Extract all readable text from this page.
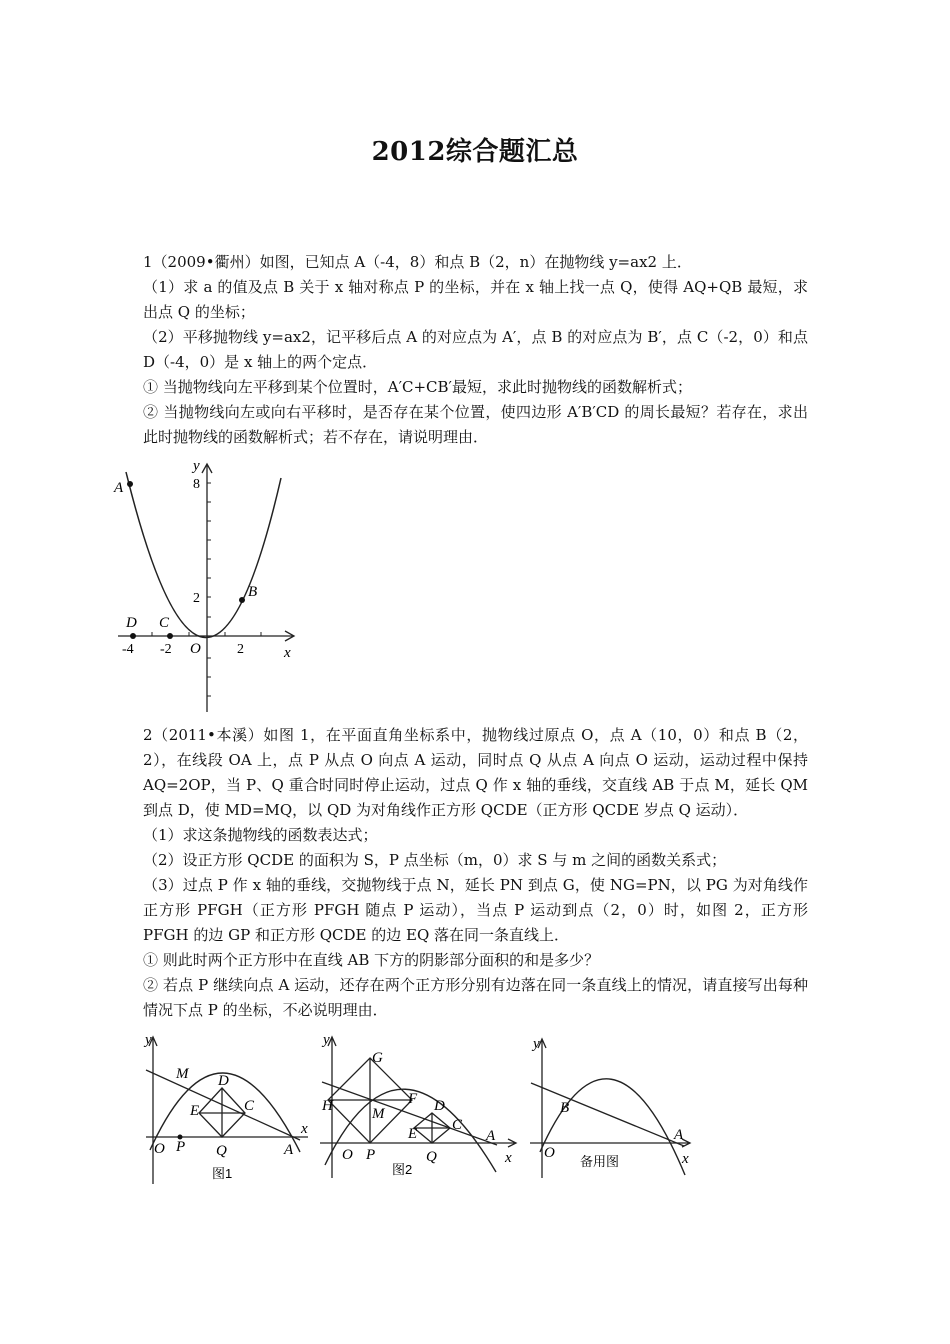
2012综合题汇总

1（2009•衢州）如图，已知点 A（-4，8）和点 B（2，n）在抛物线 y=ax2 上．

（1）求 a 的值及点 B 关于 x 轴对称点 P 的坐标，并在 x 轴上找一点 Q，使得 AQ+QB 最短，求出点 Q 的坐标；

（2）平移抛物线 y=ax2，记平移后点 A 的对应点为 A′，点 B 的对应点为 B′，点 C（-2，0）和点 D（-4，0）是 x 轴上的两个定点．

① 当抛物线向左平移到某个位置时，A′C+CB′最短，求此时抛物线的函数解析式；

② 当抛物线向左或向右平移时，是否存在某个位置，使四边形 A′B′CD 的周长最短？若存在，求出此时抛物线的函数解析式；若不存在，请说明理由．

A
B
C
D
O
y
x
8
2
-4 -2	2

2（2011•本溪）如图 1，在平面直角坐标系中，抛物线过原点 O，点 A（10，0）和点 B（2，2），在线段 OA 上，点 P 从点 O 向点 A 运动，同时点 Q 从点 A 向点 O 运动，运动过程中保持 AQ=2OP，当 P、Q 重合时同时停止运动，过点 Q 作 x 轴的垂线，交直线 AB 于点 M，延长 QM 到点 D，使 MD=MQ，以 QD 为对角线作正方形 QCDE（正方形 QCDE 岁点 Q 运动）．

（1）求这条抛物线的函数表达式；

（2）设正方形 QCDE 的面积为 S，P 点坐标（m，0）求 S 与 m 之间的函数关系式；

（3）过点 P 作 x 轴的垂线，交抛物线于点 N，延长 PN 到点 G，使 NG=PN，以 PG 为对角线作正方形 PFGH（正方形 PFGH 随点 P 运动），当点 P 运动到点（2，0）时，如图 2，正方形 PFGH 的边 GP 和正方形 QCDE 的边 EQ 落在同一条直线上．

① 则此时两个正方形中在直线 AB 下方的阴影部分面积的和是多少？

② 若点 P 继续向点 A 运动，还存在两个正方形分别有边落在同一条直线上的情况，请直接写出每种情况下点 P 的坐标，不必说明理由．

y
M D
E	C
O P Q	A
x
图1
y
G
H	F D
M
C
E	A
O P	Q	x
图2
y
B
A
O	x
备用图
